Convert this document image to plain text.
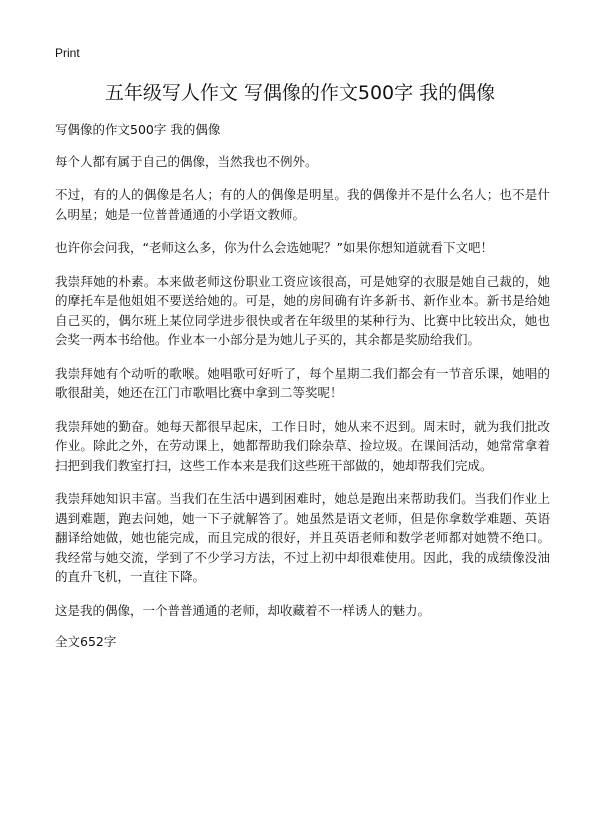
Print
五年级写人作文 写偶像的作文500字 我的偶像

写偶像的作文500字 我的偶像

每个人都有属于自己的偶像，当然我也不例外。

不过，有的人的偶像是名人；有的人的偶像是明星。我的偶像并不是什么名人；也不是什么明星；她是一位普普通通的小学语文教师。

也许你会问我，“老师这么多，你为什么会选她呢？”如果你想知道就看下文吧！

我崇拜她的朴素。本来做老师这份职业工资应该很高，可是她穿的衣服是她自己裁的，她的摩托车是他姐姐不要送给她的。可是，她的房间确有许多新书、新作业本。新书是给她自己买的，偶尔班上某位同学进步很快或者在年级里的某种行为、比赛中比较出众，她也会奖一两本书给他。作业本一小部分是为她儿子买的，其余都是奖励给我们。

我崇拜她有个动听的歌喉。她唱歌可好听了，每个星期二我们都会有一节音乐课，她唱的歌很甜美，她还在江门市歌唱比赛中拿到二等奖呢！

我崇拜她的勤奋。她每天都很早起床，工作日时，她从来不迟到。周末时，就为我们批改作业。除此之外，在劳动课上，她都帮助我们除杂草、捡垃圾。在课间活动，她常常拿着扫把到我们教室打扫，这些工作本来是我们这些班干部做的，她却帮我们完成。

我崇拜她知识丰富。当我们在生活中遇到困难时，她总是跑出来帮助我们。当我们作业上遇到难题，跑去问她，她一下子就解答了。她虽然是语文老师，但是你拿数学难题、英语翻译给她做，她也能完成，而且完成的很好，并且英语老师和数学老师都对她赞不绝口。我经常与她交流，学到了不少学习方法，不过上初中却很难使用。因此，我的成绩像没油的直升飞机，一直往下降。

这是我的偶像，一个普普通通的老师，却收藏着不一样诱人的魅力。

全文652字
